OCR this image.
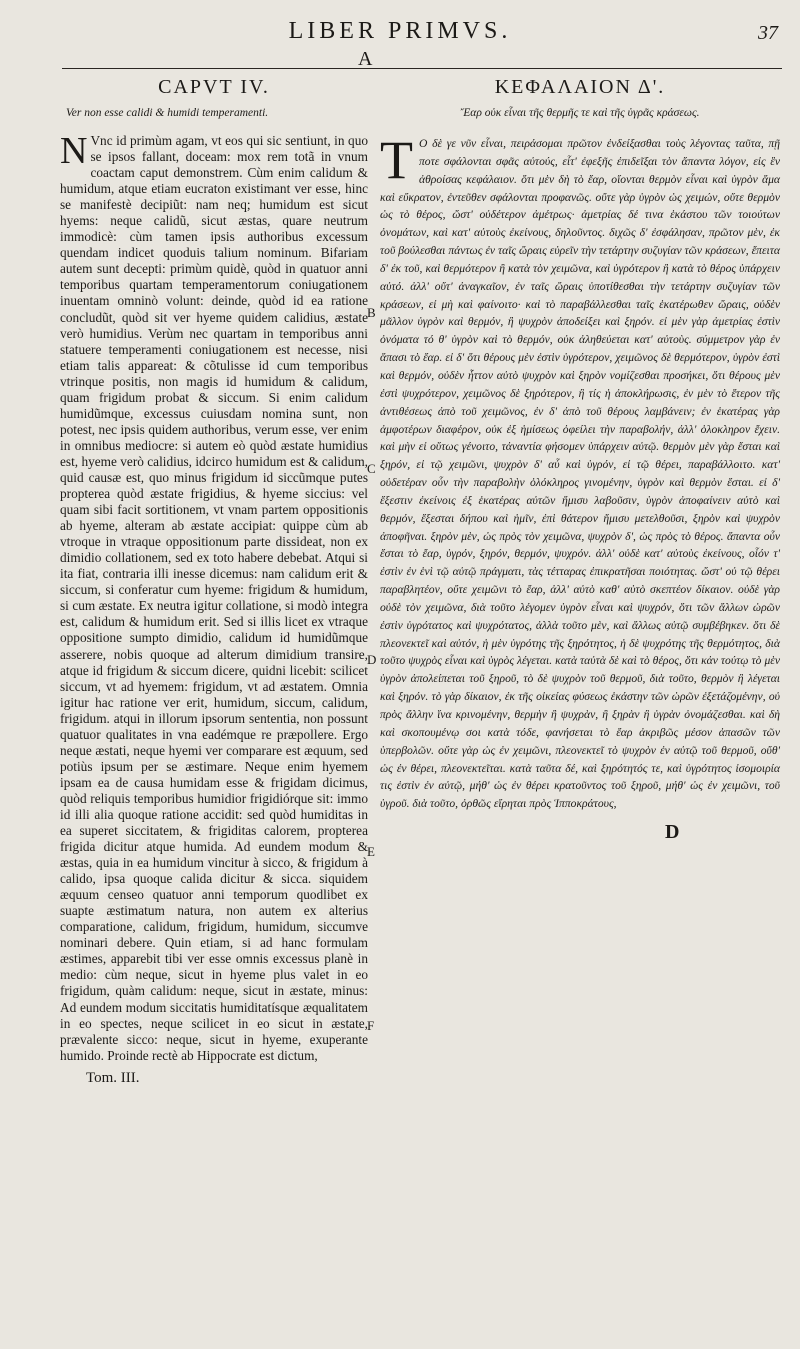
LIBER PRIMVS.	37
A
CAPVT IV.
Ver non esse calidi & humidi temperamenti.

N Vnc id primùm agam, vt eos qui sic sentiunt, in quo se ipsos fallant, doceam: mox rem totã in vnum coactam caput demonstrem. Cùm enim calidum & humidum, atque etiam eucraton existimant ver esse, hinc se manifestè decipiũt: nam neq; humidum est sicut hyems: neque calidũ, sicut æstas, quare neutrum immodicè: cùm tamen ipsis authoribus excessum quendam indicet quoduis talium nominum. Bifariam autem sunt decepti: primùm quidè, quòd in quatuor anni temporibus quartam temperamentorum coniugationem inuentam omninò volunt: deinde, quòd id ea ratione concludũt, quòd sit ver hyeme quidem calidius, æstate verò humidius. Verùm nec quartam in temporibus anni statuere temperamenti coniugationem est necesse, nisi etiam talis appareat: & cõtulisse id cum temporibus vtrinque positis, non magis id humidum & calidum, quam frigidum probat & siccum. Si enim calidum humidũmque, excessus cuiusdam nomina sunt, non potest, nec ipsis quidem authoribus, verum esse, ver enim in omnibus mediocre: si autem eò quòd æstate humidius est, hyeme verò calidius, idcirco humidum est & calidum, quid causæ est, quo minus frigidum id siccũmque putes propterea quòd æstate frigidius, & hyeme siccius: vel quam sibi facit sortitionem, vt vnam partem oppositionis ab hyeme, alteram ab æstate accipiat: quippe cùm ab vtroque in vtraque oppositionum parte dissideat, non ex dimidio collationem, sed ex toto habere debebat. Atqui si ita fiat, contraria illi inesse dicemus: nam calidum erit & siccum, si conferatur cum hyeme: frigidum & humidum, si cum æstate. Ex neutra igitur collatione, si modò integra est, calidum & humidum erit. Sed si illis licet ex vtraque oppositione sumpto dimidio, calidum id humidũmque asserere, nobis quoque ad alterum dimidium transire, atque id frigidum & siccum dicere, quidni licebit: scilicet siccum, vt ad hyemem: frigidum, vt ad æstatem. Omnia igitur hac ratione ver erit, humidum, siccum, calidum, frigidum. atqui in illorum ipsorum sententia, non possunt quatuor qualitates in vna eadémque re præpollere. Ergo neque æstati, neque hyemi ver comparare est æquum, sed potiùs ipsum per se æstimare. Neque enim hyemem ipsam ea de causa humidam esse & frigidam dicimus, quòd reliquis temporibus humidior frigidiórque sit: immo id illi alia quoque ratione accidit: sed quòd humiditas in ea superet siccitatem, & frigiditas calorem, propterea frigida dicitur atque humida. Ad eundem modum & æstas, quia in ea humidum vincitur à sicco, & frigidum à calido, ipsa quoque calida dicitur & sicca. siquidem æquum censeo quatuor anni temporum quodlibet ex suapte æstimatum natura, non autem ex alterius comparatione, calidum, frigidum, humidum, siccumve nominari debere. Quin etiam, si ad hanc formulam æstimes, apparebit tibi ver esse omnis excessus planè in medio: cùm neque, sicut in hyeme plus valet in eo frigidum, quàm calidum: neque, sicut in æstate, minus: Ad eundem modum siccitatis humiditatísque æqualitatem in eo spectes, neque scilicet in eo sicut in æstate, prævalente sicco: neque, sicut in hyeme, exuperante humido. Proinde rectè ab Hippocrate est dictum,

Tom. III.
B
C
D
E
F
ΚΕΦΑΛΑΙΟΝ Δ'.
Ἔαρ οὐκ εἶναι τῆς θερμῆς τε καὶ τῆς ὑγρᾶς κράσεως.

Τ Ο δὲ γε νῦν εἶναι, πειράσομαι πρῶτον ἐνδείξασθαι τοὺς λέγοντας ταῦτα, πῇ ποτε σφάλονται σφᾶς αὐτούς, εἶτ' ἐφεξῆς ἐπιδεῖξαι τὸν ἄπαντα λόγον, εἰς ἓν ἀθροίσας κεφάλαιον. ὅτι μὲν δὴ τὸ ἔαρ, οἴονται θερμὸν εἶναι καὶ ὑγρὸν ἅμα καὶ εὔκρατον, ἐντεῦθεν σφάλονται προφανῶς. οὔτε γὰρ ὑγρὸν ὡς χειμών, οὔτε θερμὸν ὡς τὸ θέρος, ὥστ' οὐδέτερον ἀμέτρως· ἀμετρίας δέ τινα ἑκάστου τῶν τοιούτων ὀνομάτων, καὶ κατ' αὐτοὺς ἐκείνους, δηλοῦντος. διχῶς δ' ἐσφάλησαν, πρῶτον μὲν, ἐκ τοῦ βούλεσθαι πάντως ἐν ταῖς ὥραις εὑρεῖν τὴν τετάρτην συζυγίαν τῶν κράσεων, ἔπειτα δ' ἐκ τοῦ, καὶ θερμότερον ἢ κατὰ τὸν χειμῶνα, καὶ ὑγρότερον ἢ κατὰ τὸ θέρος ὑπάρχειν αὐτό. ἀλλ' οὔτ' ἀναγκαῖον, ἐν ταῖς ὥραις ὑποτίθεσθαι τὴν τετάρτην συζυγίαν τῶν κράσεων, εἰ μὴ καὶ φαίνοιτο· καὶ τὸ παραβάλλεσθαι ταῖς ἑκατέρωθεν ὥραις, οὐδὲν μᾶλλον ὑγρὸν καὶ θερμόν, ἢ ψυχρὸν ἀποδείξει καὶ ξηρόν. εἰ μὲν γὰρ ἀμετρίας ἐστὶν ὀνόματα τό θ' ὑγρὸν καὶ τὸ θερμόν, οὐκ ἀληθεύεται κατ' αὐτοὺς. σύμμετρον γὰρ ἐν ἅπασι τὸ ἔαρ. εἰ δ' ὅτι θέρους μὲν ἐστὶν ὑγρότερον, χειμῶνος δὲ θερμότερον, ὑγρὸν ἐστὶ καὶ θερμόν, οὐδὲν ἧττον αὐτὸ ψυχρὸν καὶ ξηρὸν νομίζεσθαι προσήκει, ὅτι θέρους μὲν ἐστὶ ψυχρότερον, χειμῶνος δὲ ξηρότερον, ἢ τίς ἡ ἀποκλήρωσις, ἐν μὲν τὸ ἕτερον τῆς ἀντιθέσεως ἀπὸ τοῦ χειμῶνος, ἐν δ' ἀπὸ τοῦ θέρους λαμβάνειν; ἐν ἑκατέρας γὰρ ἀμφοτέρων διαφέρον, οὐκ ἐξ ἡμίσεως ὀφείλει τὴν παραβολήν, ἀλλ' ὁλοκληρον ἔχειν. καὶ μὴν εἰ οὕτως γένοιτο, τἀναντία φήσομεν ὑπάρχειν αὐτῷ. θερμὸν μὲν γὰρ ἔσται καὶ ξηρόν, εἰ τῷ χειμῶνι, ψυχρὸν δ' αὖ καὶ ὑγρόν, εἰ τῷ θέρει, παραβάλλοιτο. κατ' οὐδετέραν οὖν τὴν παραβολὴν ὁλόκληρος γινομένην, ὑγρὸν καὶ θερμὸν ἔσται. εἰ δ' ἔξεστιν ἐκείνοις ἐξ ἑκατέρας αὐτῶν ἥμισυ λαβοῦσιν, ὑγρὸν ἀποφαίνειν αὐτὸ καὶ θερμόν, ἔξεσται δήπου καὶ ἡμῖν, ἐπὶ θάτερον ἥμισυ μετελθοῦσι, ξηρὸν καὶ ψυχρὸν ἀποφῆναι. ξηρὸν μὲν, ὡς πρὸς τὸν χειμῶνα, ψυχρὸν δ', ὡς πρὸς τὸ θέρος. ἅπαντα οὖν ἔσται τὸ ἔαρ, ὑγρόν, ξηρόν, θερμόν, ψυχρόν. ἀλλ' οὐδὲ κατ' αὐτοὺς ἐκείνους, οἷόν τ' ἐστὶν ἐν ἑνὶ τῷ αὐτῷ πράγματι, τὰς τέτταρας ἐπικρατῆσαι ποιότητας. ὥστ' οὐ τῷ θέρει παραβλητέον, οὔτε χειμῶνι τὸ ἔαρ, ἀλλ' αὐτὸ καθ' αὑτὸ σκεπτέον δίκαιον. οὐδὲ γὰρ οὐδὲ τὸν χειμῶνα, διὰ τοῦτο λέγομεν ὑγρὸν εἶναι καὶ ψυχρόν, ὅτι τῶν ἄλλων ὡρῶν ἐστὶν ὑγρότατος καὶ ψυχρότατος, ἀλλὰ τοῦτο μὲν, καὶ ἄλλως αὐτῷ συμβέβηκεν. ὅτι δὲ πλεονεκτεῖ καὶ αὐτόν, ἡ μὲν ὑγρότης τῆς ξηρότητος, ἡ δὲ ψυχρότης τῆς θερμότητος, διὰ τοῦτο ψυχρὸς εἶναι καὶ ὑγρὸς λέγεται. κατὰ ταὐτὰ δὲ καὶ τὸ θέρος, ὅτι κἀν τούτῳ τὸ μὲν ὑγρὸν ἀπολείπεται τοῦ ξηροῦ, τὸ δὲ ψυχρὸν τοῦ θερμοῦ, διὰ τοῦτο, θερμὸν ἢ λέγεται καὶ ξηρόν. τὸ γὰρ δίκαιον, ἐκ τῆς οἰκείας φύσεως ἑκάστην τῶν ὡρῶν ἐξετάζομένην, οὐ πρὸς ἄλλην ἵνα κρινομένην, θερμὴν ἢ ψυχρὰν, ἢ ξηρὰν ἢ ὑγρὰν ὀνομάζεσθαι. καὶ δὴ καὶ σκοπουμένῳ σοι κατὰ τόδε, φανήσεται τὸ ἔαρ ἀκριβῶς μέσον ἁπασῶν τῶν ὑπερβολῶν. οὔτε γὰρ ὡς ἐν χειμῶνι, πλεονεκτεῖ τὸ ψυχρὸν ἐν αὐτῷ τοῦ θερμοῦ, οὔθ' ὡς ἐν θέρει, πλεονεκτεῖται. κατὰ ταῦτα δέ, καὶ ξηρότητός τε, καὶ ὑγρότητος ἰσομοιρία τις ἐστὶν ἐν αὐτῷ, μήθ' ὡς ἐν θέρει κρατοῦντος τοῦ ξηροῦ, μήθ' ὡς ἐν χειμῶνι, τοῦ ὑγροῦ. διὰ τοῦτο, ὀρθῶς εἴρηται πρὸς Ἱπποκράτους,

D
